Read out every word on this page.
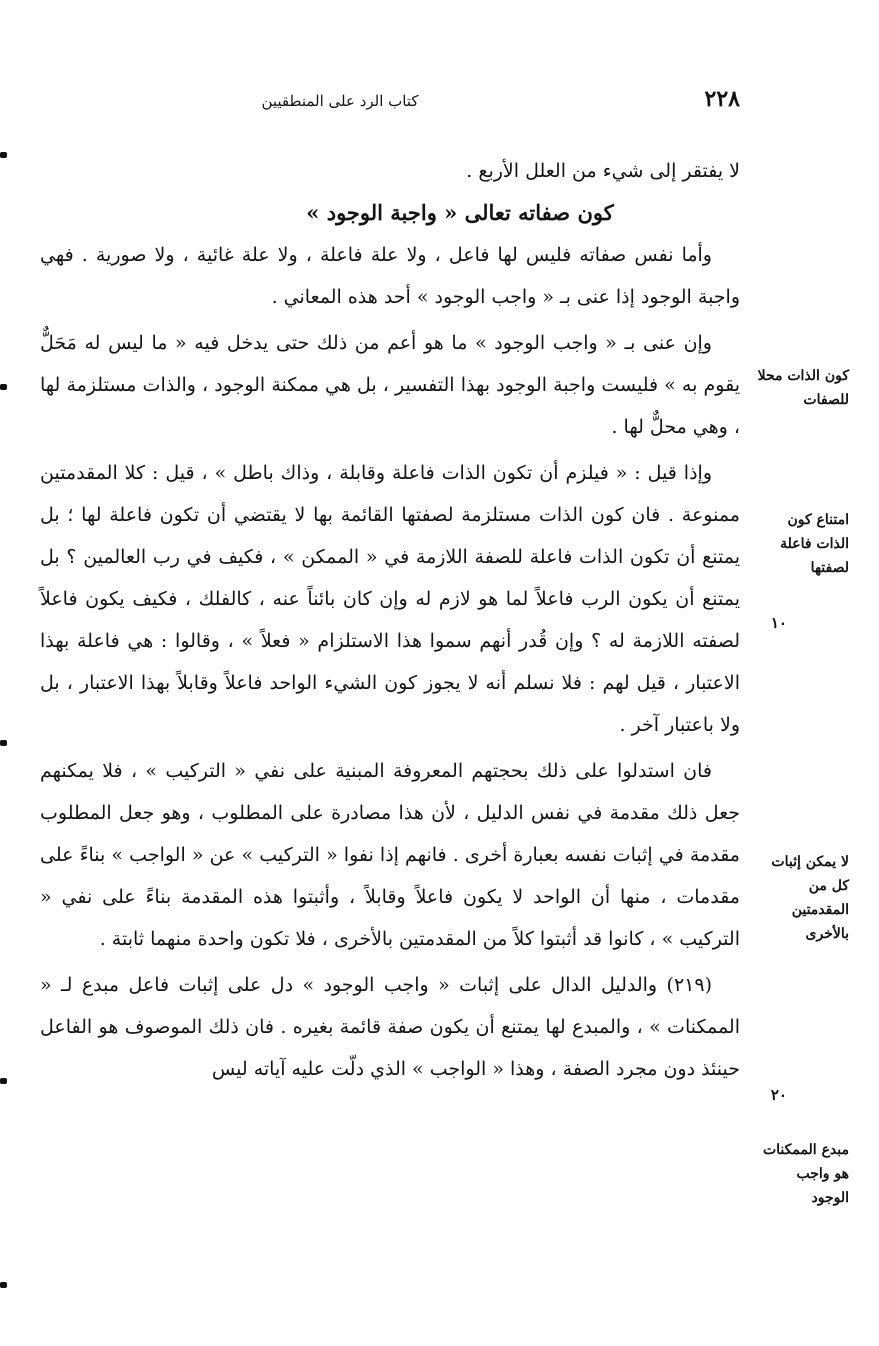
٢٢٨
كتاب الرد على المنطقيين

لا يفتقر إلى شيء من العلل الأربع .

كون صفاته تعالى « واجبة الوجود »

وأما نفس صفاته فليس لها فاعل ، ولا علة فاعلة ، ولا علة غائية ، ولا صورية . فهي واجبة الوجود إذا عنى بـ « واجب الوجود » أحد هذه المعاني .

وإن عنى بـ « واجب الوجود » ما هو أعم من ذلك حتى يدخل فيه « ما ليس له مَحَلٌّ يقوم به » فليست واجبة الوجود بهذا التفسير ، بل هي ممكنة الوجود ، والذات مستلزمة لها ، وهي محلٌّ لها .

وإذا قيل : « فيلزم أن تكون الذات فاعلة وقابلة ، وذاك باطل » ، قيل : كلا المقدمتين ممنوعة . فان كون الذات مستلزمة لصفتها القائمة بها لا يقتضي أن تكون فاعلة لها ؛ بل يمتنع أن تكون الذات فاعلة للصفة اللازمة في « الممكن » ، فكيف في رب العالمين ؟ بل يمتنع أن يكون الرب فاعلاً لما هو لازم له وإن كان بائناً عنه ، كالفلك ، فكيف يكون فاعلاً لصفته اللازمة له ؟ وإن قُدر أنهم سموا هذا الاستلزام « فعلاً » ، وقالوا : هي فاعلة بهذا الاعتبار ، قيل لهم : فلا نسلم أنه لا يجوز كون الشيء الواحد فاعلاً وقابلاً بهذا الاعتبار ، بل ولا باعتبار آخر .

فان استدلوا على ذلك بحجتهم المعروفة المبنية على نفي « التركيب » ، فلا يمكنهم جعل ذلك مقدمة في نفس الدليل ، لأن هذا مصادرة على المطلوب ، وهو جعل المطلوب مقدمة في إثبات نفسه بعبارة أخرى . فانهم إذا نفوا « التركيب » عن « الواجب » بناءً على مقدمات ، منها أن الواحد لا يكون فاعلاً وقابلاً ، وأثبتوا هذه المقدمة بناءً على نفي « التركيب » ، كانوا قد أثبتوا كلاً من المقدمتين بالأخرى ، فلا تكون واحدة منهما ثابتة .

(٢١٩) والدليل الدال على إثبات « واجب الوجود » دل على إثبات فاعل مبدع لـ « الممكنات » ، والمبدع لها يمتنع أن يكون صفة قائمة بغيره . فان ذلك الموصوف هو الفاعل حينئذ دون مجرد الصفة ، وهذا « الواجب » الذي دلّت عليه آياته ليس

كون الذات محلا للصفات
امتناع كون الذات فاعلة لصفتها
لا يمكن إثبات كل من المقدمتين بالأخرى
مبدع الممكنات هو واجب الوجود
١٠
٢٠
